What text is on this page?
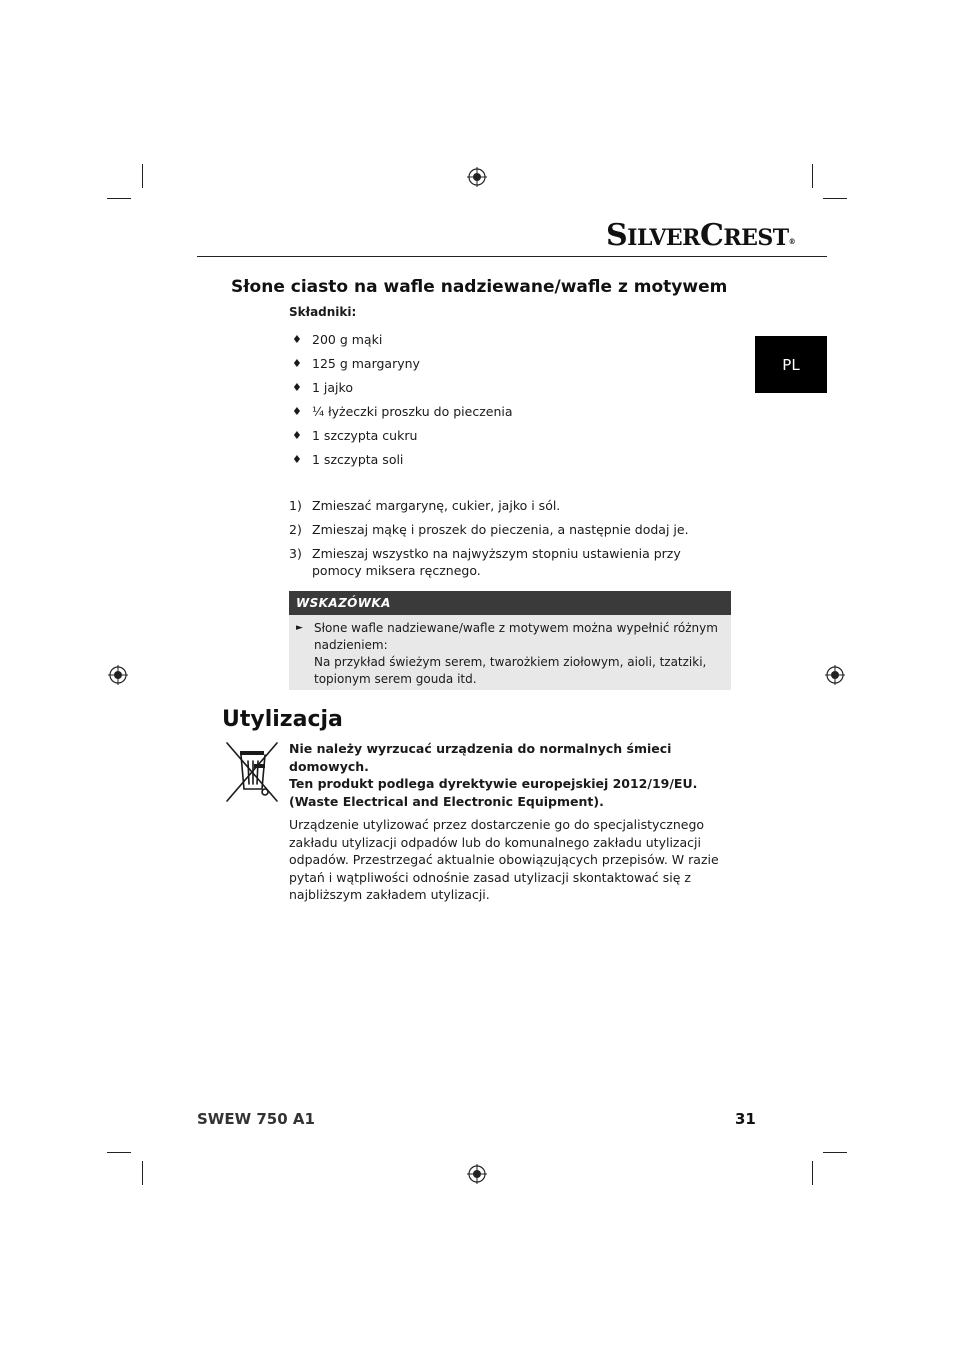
SILVERCREST®
PL
Słone ciasto na wafle nadziewane/wafle z motywem
Składniki:
♦ 200 g mąki
♦ 125 g margaryny
♦ 1 jajko
♦ ¼ łyżeczki proszku do pieczenia
♦ 1 szczypta cukru
♦ 1 szczypta soli
1) Zmieszać margarynę, cukier, jajko i sól.
2) Zmieszaj mąkę i proszek do pieczenia, a następnie dodaj je.
3) Zmieszaj wszystko na najwyższym stopniu ustawienia przy pomocy miksera ręcznego.
WSKAZÓWKA
► Słone wafle nadziewane/wafle z motywem można wypełnić różnym nadzieniem:
Na przykład świeżym serem, twarożkiem ziołowym, aioli, tzatziki, topionym serem gouda itd.
Utylizacja

Nie należy wyrzucać urządzenia do normalnych śmieci domowych.

Ten produkt podlega dyrektywie europejskiej 2012/19/EU. (Waste Electrical and Electronic Equipment).

Urządzenie utylizować przez dostarczenie go do specjalistycznego zakładu utylizacji odpadów lub do komunalnego zakładu utylizacji odpadów. Przestrzegać aktualnie obowiązujących przepisów. W razie pytań i wątpliwości odnośnie zasad utylizacji skontaktować się z najbliższym zakładem utylizacji.
SWEW 750 A1	31
